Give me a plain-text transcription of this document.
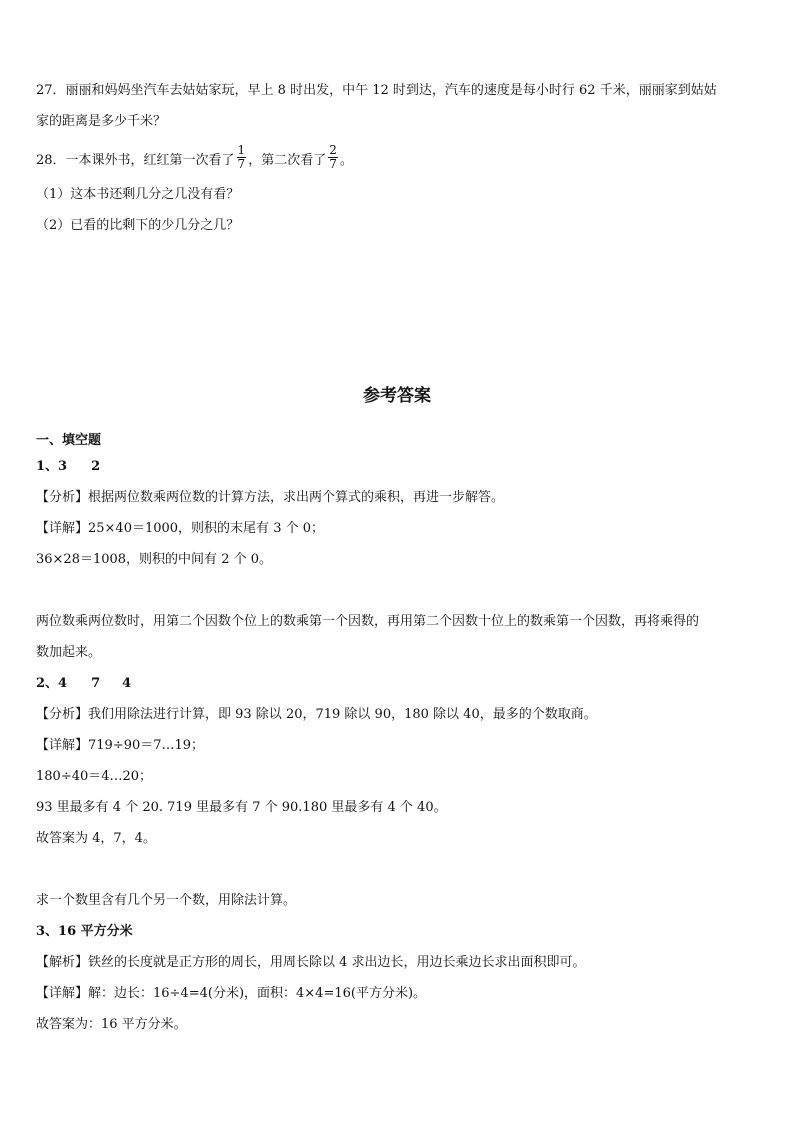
27．丽丽和妈妈坐汽车去姑姑家玩，早上 8 时出发，中午 12 时到达，汽车的速度是每小时行 62 千米，丽丽家到姑姑
家的距离是多少千米？
28．一本课外书，红红第一次看了 $\frac{1}{7}$ ，第二次看了 $\frac{2}{7}$ 。
（1）这本书还剩几分之几没有看？
（2）已看的比剩下的少几分之几？
参考答案
一、填空题
1、3 2
【分析】根据两位数乘两位数的计算方法，求出两个算式的乘积，再进一步解答。
【详解】25×40＝1000，则积的末尾有 3 个 0；
36×28＝1008，则积的中间有 2 个 0。
两位数乘两位数时，用第二个因数个位上的数乘第一个因数，再用第二个因数十位上的数乘第一个因数，再将乘得的
数加起来。
2、4 7 4
【分析】我们用除法进行计算，即 93 除以 20，719 除以 90，180 除以 40，最多的个数取商。
【详解】719÷90＝7…19；
180÷40＝4…20；
93 里最多有 4 个 20. 719 里最多有 7 个 90.180 里最多有 4 个 40。
故答案为 4，7，4。
求一个数里含有几个另一个数，用除法计算。
3、16 平方分米
【解析】铁丝的长度就是正方形的周长，用周长除以 4 求出边长，用边长乘边长求出面积即可。
【详解】解：边长：16÷4=4(分米)，面积：4×4=16(平方分米)。
故答案为：16 平方分米。
